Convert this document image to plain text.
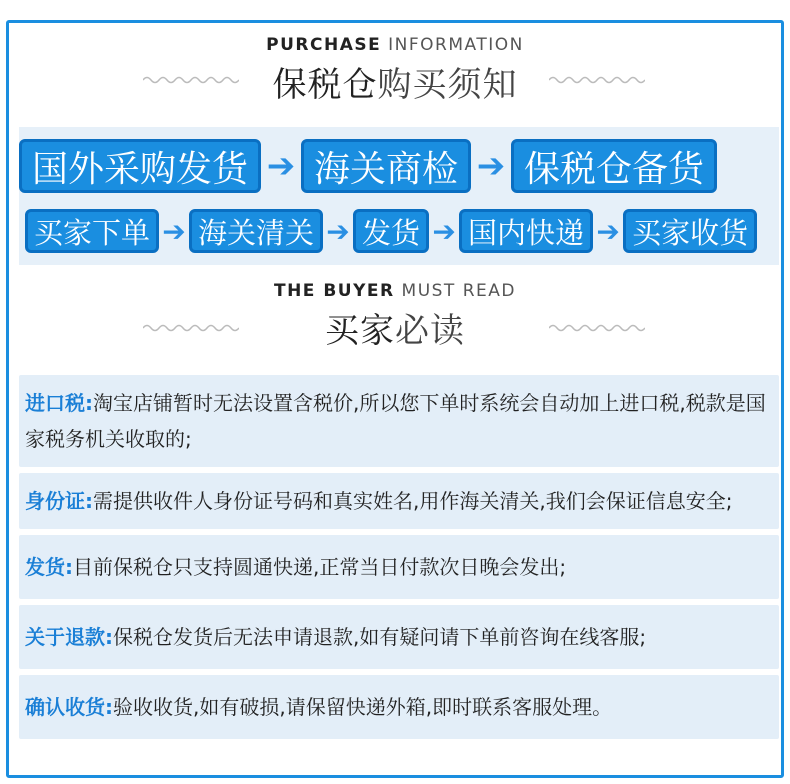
PURCHASE INFORMATION
保税仓购买须知
国外采购发货 ➔ 海关商检 ➔ 保税仓备货
买家下单 ➔ 海关清关 ➔ 发货 ➔ 国内快递 ➔ 买家收货
THE BUYER MUST READ
买家必读
进口税:淘宝店铺暂时无法设置含税价,所以您下单时系统会自动加上进口税,税款是国家税务机关收取的;
身份证:需提供收件人身份证号码和真实姓名,用作海关清关,我们会保证信息安全;
发货:目前保税仓只支持圆通快递,正常当日付款次日晚会发出;
关于退款:保税仓发货后无法申请退款,如有疑问请下单前咨询在线客服;
确认收货:验收收货,如有破损,请保留快递外箱,即时联系客服处理。
